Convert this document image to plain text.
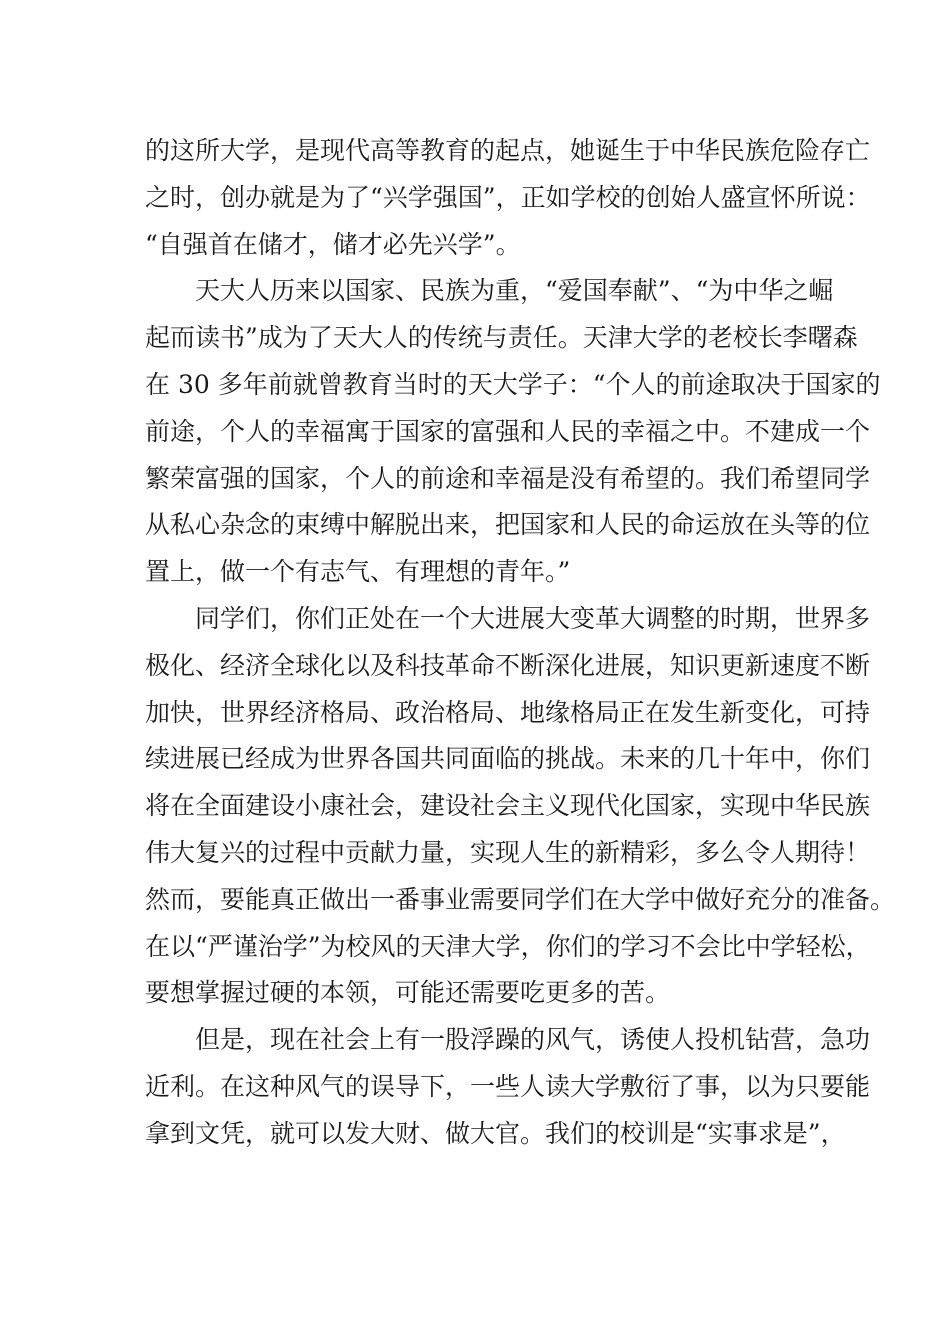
的这所大学，是现代高等教育的起点，她诞生于中华民族危险存亡
之时，创办就是为了“兴学强国”，正如学校的创始人盛宣怀所说：
“自强首在储才，储才必先兴学”。
天大人历来以国家、民族为重，“爱国奉献”、“为中华之崛
起而读书”成为了天大人的传统与责任。天津大学的老校长李曙森
在 30 多年前就曾教育当时的天大学子：“个人的前途取决于国家的
前途，个人的幸福寓于国家的富强和人民的幸福之中。不建成一个
繁荣富强的国家，个人的前途和幸福是没有希望的。我们希望同学
从私心杂念的束缚中解脱出来，把国家和人民的命运放在头等的位
置上，做一个有志气、有理想的青年。”
同学们，你们正处在一个大进展大变革大调整的时期，世界多
极化、经济全球化以及科技革命不断深化进展，知识更新速度不断
加快，世界经济格局、政治格局、地缘格局正在发生新变化，可持
续进展已经成为世界各国共同面临的挑战。未来的几十年中，你们
将在全面建设小康社会，建设社会主义现代化国家，实现中华民族
伟大复兴的过程中贡献力量，实现人生的新精彩，多么令人期待！
然而，要能真正做出一番事业需要同学们在大学中做好充分的准备。
在以“严谨治学”为校风的天津大学，你们的学习不会比中学轻松，
要想掌握过硬的本领，可能还需要吃更多的苦。
但是，现在社会上有一股浮躁的风气，诱使人投机钻营，急功
近利。在这种风气的误导下，一些人读大学敷衍了事，以为只要能
拿到文凭，就可以发大财、做大官。我们的校训是“实事求是”，
